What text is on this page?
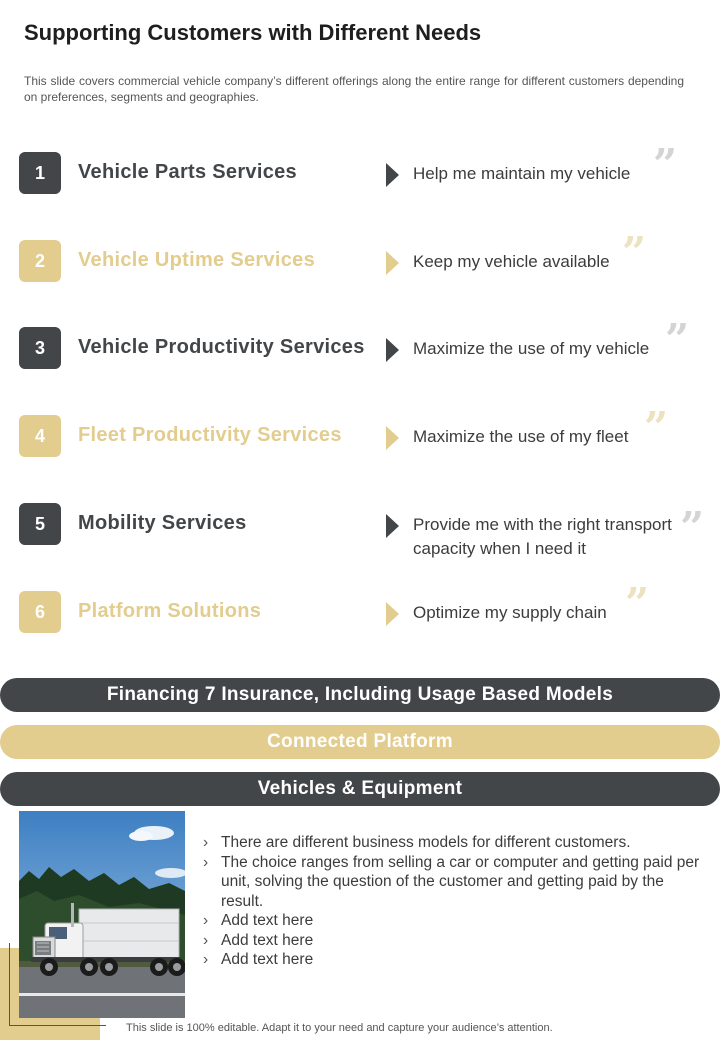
Supporting Customers with Different Needs
This slide covers commercial vehicle company’s different offerings along the entire range for different customers depending on preferences, segments and geographies.
1	Vehicle Parts Services	Help me maintain my vehicle ”
2	Vehicle Uptime Services	Keep my vehicle available ”
3	Vehicle Productivity Services	Maximize the use of my vehicle ”
4	Fleet Productivity Services	Maximize the use of my fleet ”
5	Mobility Services	Provide me with the right transport capacity when I need it	”
6	Platform Solutions	Optimize my supply chain ”
Financing 7 Insurance, Including Usage Based Models
Connected Platform
Vehicles & Equipment
› There are different business models for different customers.
› The choice ranges from selling a car or computer and getting paid per unit, solving the question of the customer and getting paid by the result.
› Add text here
› Add text here
› Add text here
This slide is 100% editable. Adapt it to your need and capture your audience’s attention.
